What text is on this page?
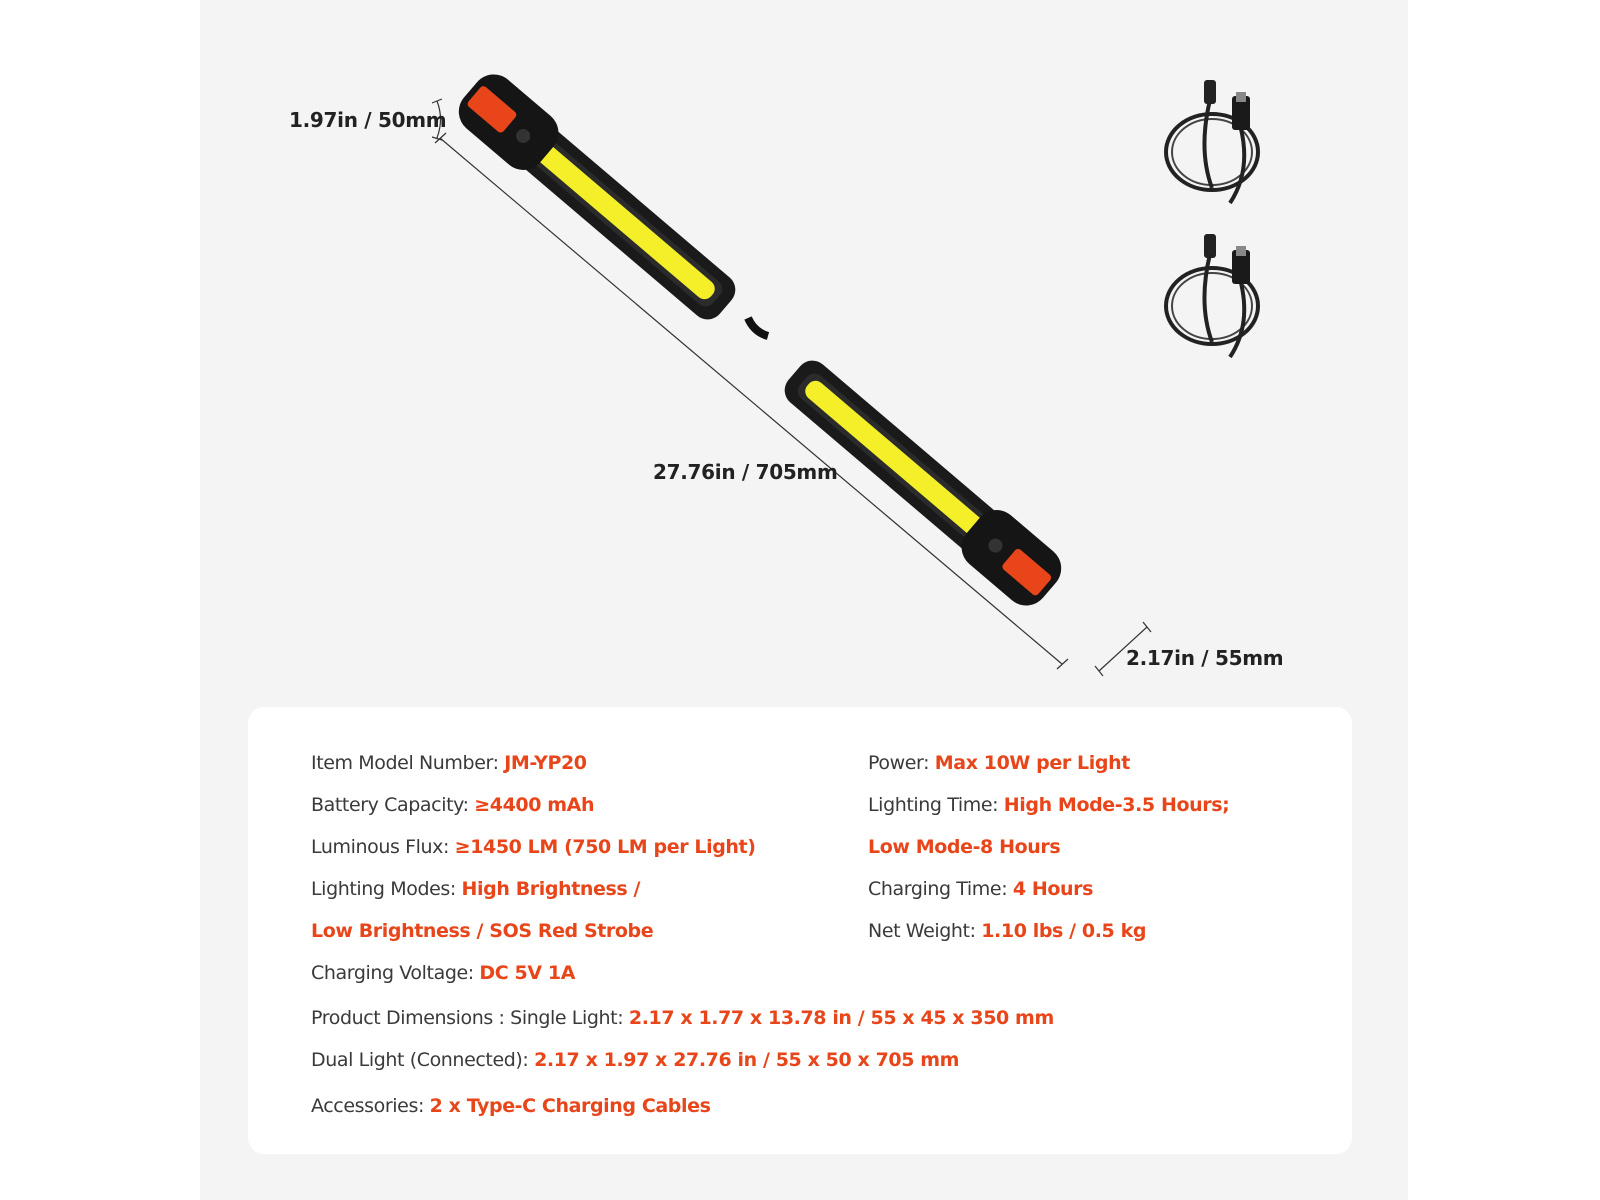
1.97in / 50mm
27.76in / 705mm
2.17in / 55mm
Item Model Number: JM-YP20
Battery Capacity: ≥4400 mAh
Luminous Flux: ≥1450 LM (750 LM per Light)
Lighting Modes: High Brightness /
Low Brightness / SOS Red Strobe
Charging Voltage: DC 5V 1A
Power: Max 10W per Light
Lighting Time: High Mode-3.5 Hours;
Low Mode-8 Hours
Charging Time: 4 Hours
Net Weight: 1.10 lbs / 0.5 kg
Product Dimensions : Single Light: 2.17 x 1.77 x 13.78 in / 55 x 45 x 350 mm
Dual Light (Connected): 2.17 x 1.97 x 27.76 in / 55 x 50 x 705 mm
Accessories: 2 x Type-C Charging Cables
